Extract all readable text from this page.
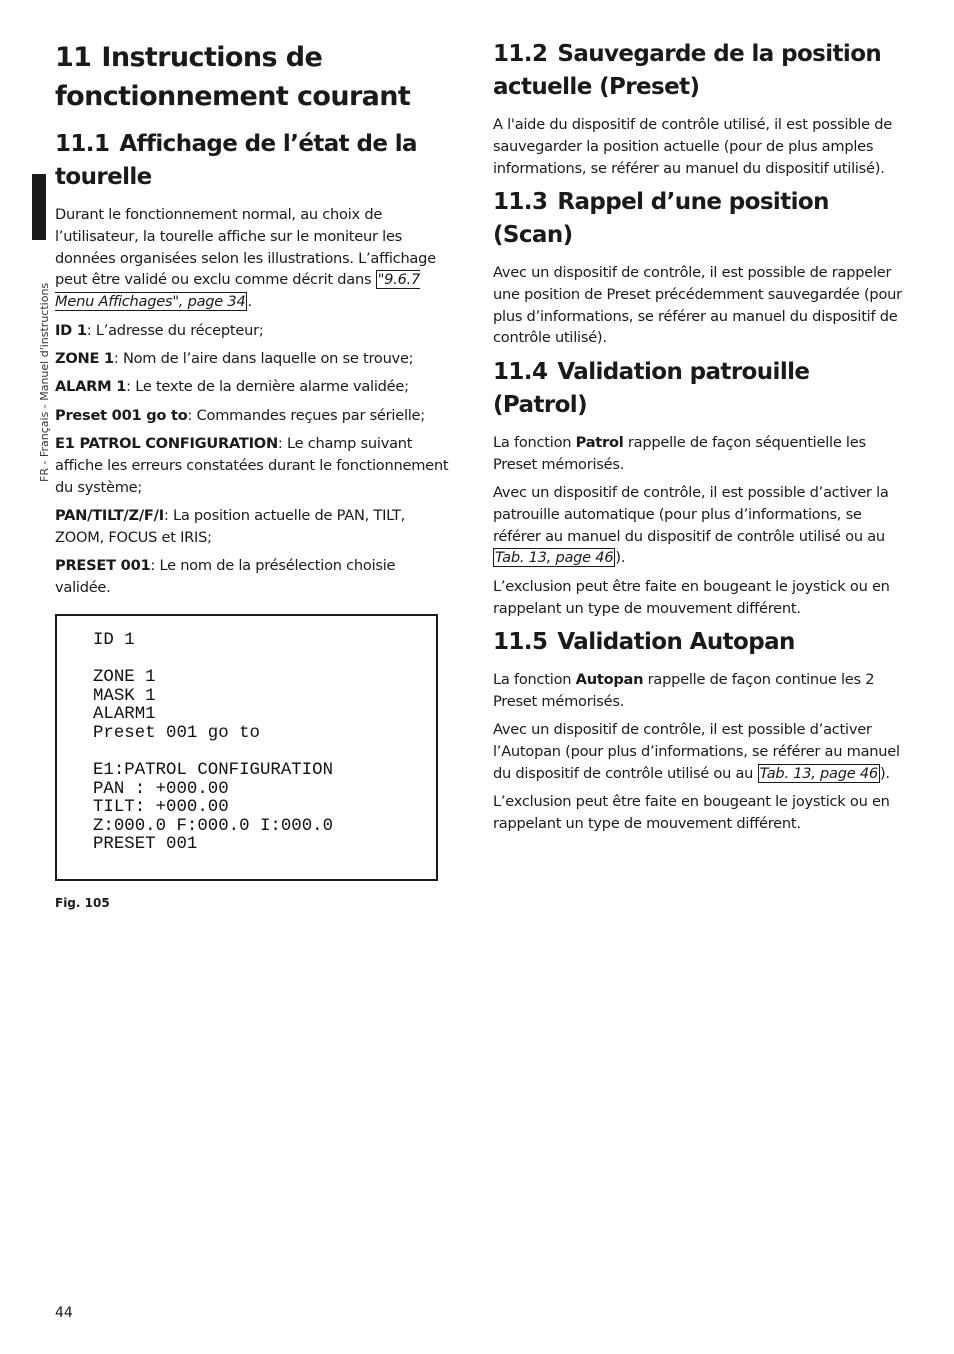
FR - Français - Manuel d'instructions
11 Instructions de fonctionnement courant
11.1 Affichage de l’état de la tourelle

Durant le fonctionnement normal, au choix de l’utilisateur, la tourelle affiche sur le moniteur les données organisées selon les illustrations. L’affichage peut être validé ou exclu comme décrit dans "9.6.7 Menu Affichages", page 34 .

ID 1: L’adresse du récepteur;

ZONE 1: Nom de l’aire dans laquelle on se trouve;

ALARM 1: Le texte de la dernière alarme validée;

Preset 001 go to: Commandes reçues par sérielle;

E1 PATROL CONFIGURATION: Le champ suivant affiche les erreurs constatées durant le fonctionnement du système;

PAN/TILT/Z/F/I: La position actuelle de PAN, TILT, ZOOM, FOCUS et IRIS;

PRESET 001: Le nom de la présélection choisie validée.

ID 1
ZONE 1
MASK 1
ALARM1
Preset 001 go to
E1:PATROL CONFIGURATION
PAN : +000.00
TILT: +000.00
Z:000.0 F:000.0 I:000.0
PRESET 001
Fig. 105
11.2 Sauvegarde de la position actuelle (Preset)

A l'aide du dispositif de contrôle utilisé, il est possible de sauvegarder la position actuelle (pour de plus amples informations, se référer au manuel du dispositif utilisé).

11.3 Rappel d’une position (Scan)

Avec un dispositif de contrôle, il est possible de rappeler une position de Preset précédemment sauvegardée (pour plus d’informations, se référer au manuel du dispositif de contrôle utilisé).

11.4 Validation patrouille (Patrol)

La fonction Patrol rappelle de façon séquentielle les Preset mémorisés.

Avec un dispositif de contrôle, il est possible d’activer la patrouille automatique (pour plus d’informations, se référer au manuel du dispositif de contrôle utilisé ou au Tab. 13, page 46 ).

L’exclusion peut être faite en bougeant le joystick ou en rappelant un type de mouvement différent.

11.5 Validation Autopan

La fonction Autopan rappelle de façon continue les 2 Preset mémorisés.

Avec un dispositif de contrôle, il est possible d’activer l’Autopan (pour plus d’informations, se référer au manuel du dispositif de contrôle utilisé ou au Tab. 13, page 46 ).

L’exclusion peut être faite en bougeant le joystick ou en rappelant un type de mouvement différent.

44
